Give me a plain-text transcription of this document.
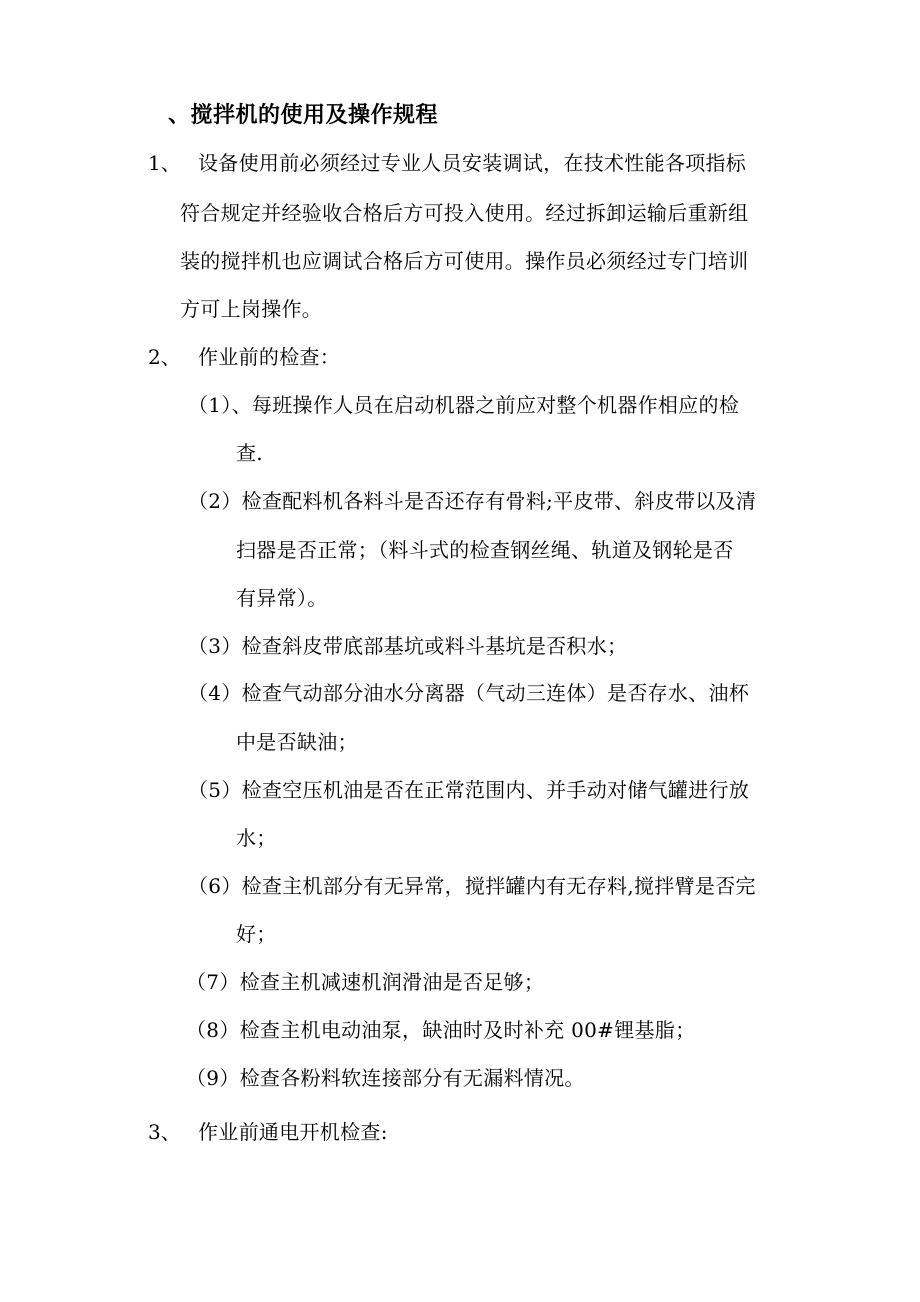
、搅拌机的使用及操作规程
1、 设备使用前必须经过专业人员安装调试，在技术性能各项指标
符合规定并经验收合格后方可投入使用。经过拆卸运输后重新组
装的搅拌机也应调试合格后方可使用。操作员必须经过专门培训
方可上岗操作。
2、 作业前的检查：
（1）、每班操作人员在启动机器之前应对整个机器作相应的检
查.
（2）检查配料机各料斗是否还存有骨料;平皮带、斜皮带以及清
扫器是否正常；（料斗式的检查钢丝绳、轨道及钢轮是否
有异常）。
（3）检查斜皮带底部基坑或料斗基坑是否积水；
（4）检查气动部分油水分离器（气动三连体）是否存水、油杯
中是否缺油；
（5）检查空压机油是否在正常范围内、并手动对储气罐进行放
水；
（6）检查主机部分有无异常，搅拌罐内有无存料,搅拌臂是否完
好；
（7）检查主机减速机润滑油是否足够；
（8）检查主机电动油泵，缺油时及时补充 00#锂基脂；
（9）检查各粉料软连接部分有无漏料情况。
3、 作业前通电开机检查:
